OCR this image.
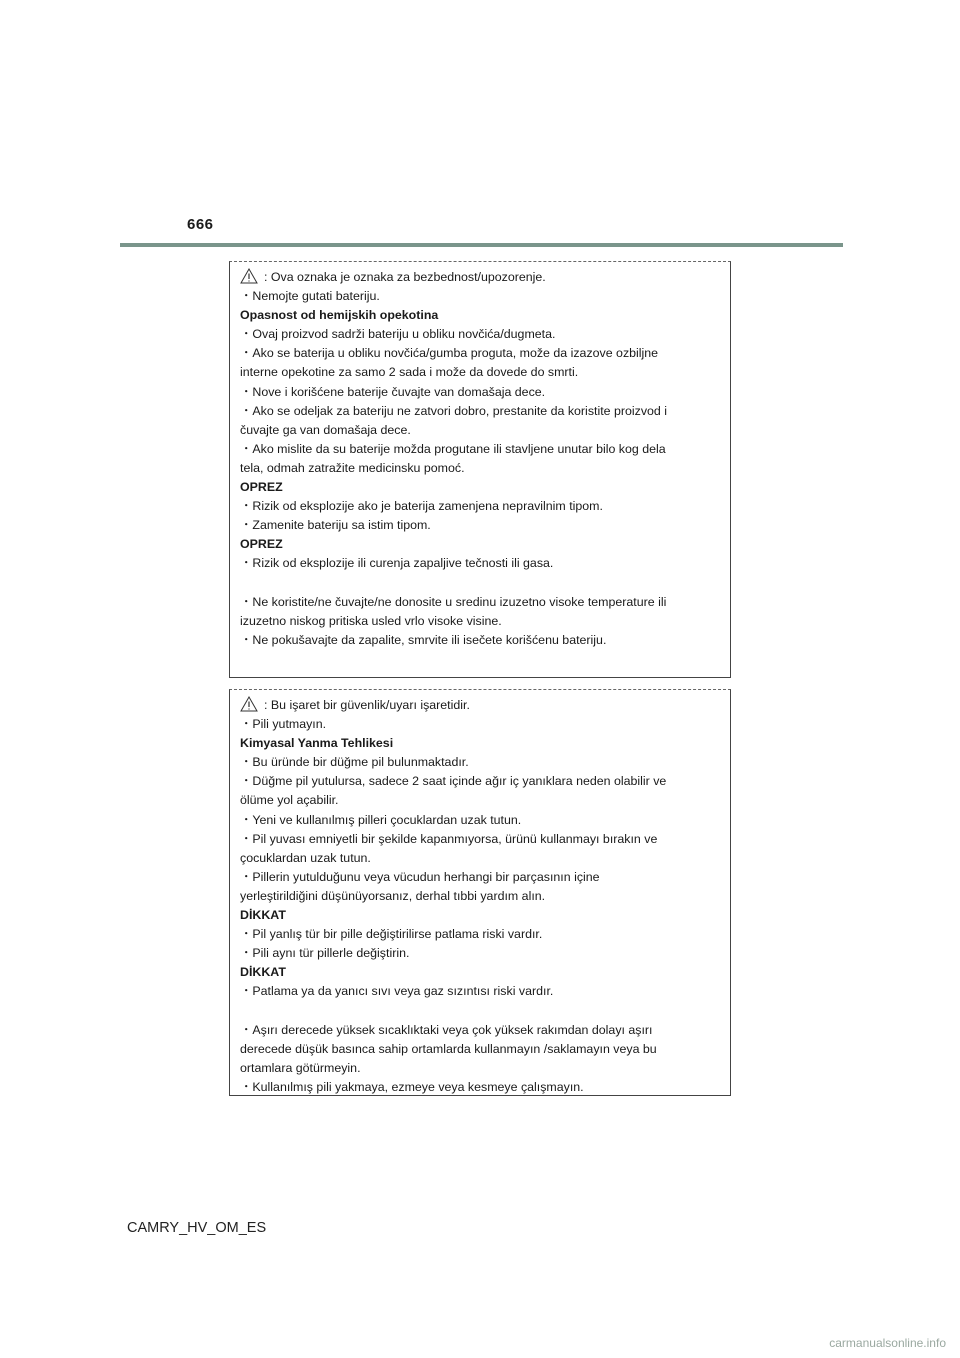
666
: Ova oznaka je oznaka za bezbednost/upozorenje.
・Nemojte gutati bateriju.
Opasnost od hemijskih opekotina
・Ovaj proizvod sadrži bateriju u obliku novčića/dugmeta.
・Ako se baterija u obliku novčića/gumba proguta, može da izazove ozbiljne
interne opekotine za samo 2 sada i može da dovede do smrti.
・Nove i korišćene baterije čuvajte van domašaja dece.
・Ako se odeljak za bateriju ne zatvori dobro, prestanite da koristite proizvod i
čuvajte ga van domašaja dece.
・Ako mislite da su baterije možda progutane ili stavljene unutar bilo kog dela
tela, odmah zatražite medicinsku pomoć.
OPREZ
・Rizik od eksplozije ako je baterija zamenjena nepravilnim tipom.
・Zamenite bateriju sa istim tipom.
OPREZ
・Rizik od eksplozije ili curenja zapaljive tečnosti ili gasa.
・Ne koristite/ne čuvajte/ne donosite u sredinu izuzetno visoke temperature ili
izuzetno niskog pritiska usled vrlo visoke visine.
・Ne pokušavajte da zapalite, smrvite ili isečete korišćenu bateriju.
: Bu işaret bir güvenlik/uyarı işaretidir.
・Pili yutmayın.
Kimyasal Yanma Tehlikesi
・Bu üründe bir düğme pil bulunmaktadır.
・Düğme pil yutulursa, sadece 2 saat içinde ağır iç yanıklara neden olabilir ve
ölüme yol açabilir.
・Yeni ve kullanılmış pilleri çocuklardan uzak tutun.
・Pil yuvası emniyetli bir şekilde kapanmıyorsa, ürünü kullanmayı bırakın ve
çocuklardan uzak tutun.
・Pillerin yutulduğunu veya vücudun herhangi bir parçasının içine
yerleştirildiğini düşünüyorsanız, derhal tıbbi yardım alın.
DİKKAT
・Pil yanlış tür bir pille değiştirilirse patlama riski vardır.
・Pili aynı tür pillerle değiştirin.
DİKKAT
・Patlama ya da yanıcı sıvı veya gaz sızıntısı riski vardır.
・Aşırı derecede yüksek sıcaklıktaki veya çok yüksek rakımdan dolayı aşırı
derecede düşük basınca sahip ortamlarda kullanmayın /saklamayın veya bu
ortamlara götürmeyin.
・Kullanılmış pili yakmaya, ezmeye veya kesmeye çalışmayın.
CAMRY_HV_OM_ES
carmanualsonline.info
